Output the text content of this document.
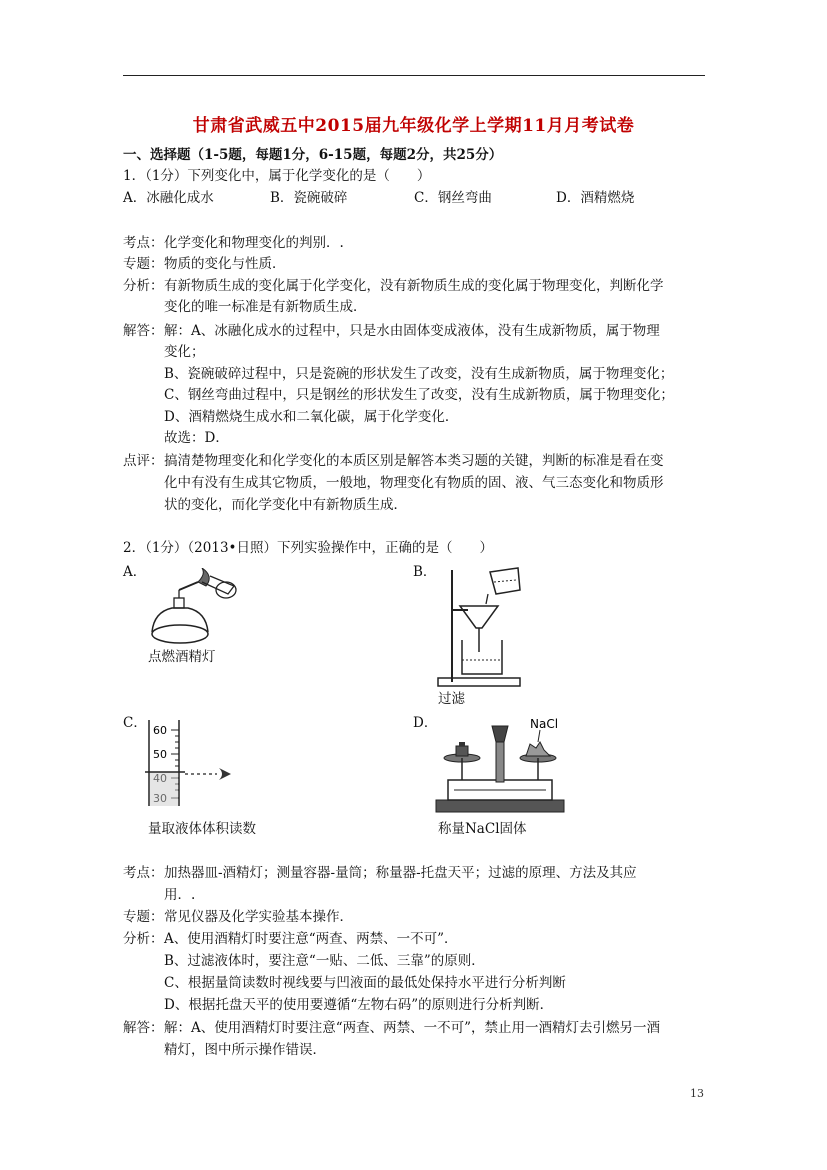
甘肃省武威五中2015届九年级化学上学期11月月考试卷
一、选择题（1-5题，每题1分，6-15题，每题2分，共25分）
1．（1分）下列变化中，属于化学变化的是（　　）
A．冰融化成水	B．瓷碗破碎	C．钢丝弯曲	D．酒精燃烧
考点： 化学变化和物理变化的判别．.
专题： 物质的变化与性质．
分析： 有新物质生成的变化属于化学变化，没有新物质生成的变化属于物理变化，判断化学
变化的唯一标准是有新物质生成．
解答： 解：A、冰融化成水的过程中，只是水由固体变成液体，没有生成新物质，属于物理
变化；
B、瓷碗破碎过程中，只是瓷碗的形状发生了改变，没有生成新物质，属于物理变化；
C、钢丝弯曲过程中，只是钢丝的形状发生了改变，没有生成新物质，属于物理变化；
D、酒精燃烧生成水和二氧化碳，属于化学变化．
故选：D．
点评： 搞清楚物理变化和化学变化的本质区别是解答本类习题的关键，判断的标准是看在变
化中有没有生成其它物质，一般地，物理变化有物质的固、液、气三态变化和物质形
状的变化，而化学变化中有新物质生成．
2．（1分）（2013•日照）下列实验操作中，正确的是（　　）
A．
点燃酒精灯
B．
过滤
C． 60
50
量取液体体积读数
D．	NaCl
称量NaCl固体
考点： 加热器皿-酒精灯；测量容器-量筒；称量器-托盘天平；过滤的原理、方法及其应
用．.
专题： 常见仪器及化学实验基本操作．
分析： A、使用酒精灯时要注意“两查、两禁、一不可”．
B、过滤液体时，要注意“一贴、二低、三靠”的原则．
C、根据量筒读数时视线要与凹液面的最低处保持水平进行分析判断
D、根据托盘天平的使用要遵循“左物右码”的原则进行分析判断．
解答： 解：A、使用酒精灯时要注意“两查、两禁、一不可”，禁止用一酒精灯去引燃另一酒
精灯，图中所示操作错误．
13
